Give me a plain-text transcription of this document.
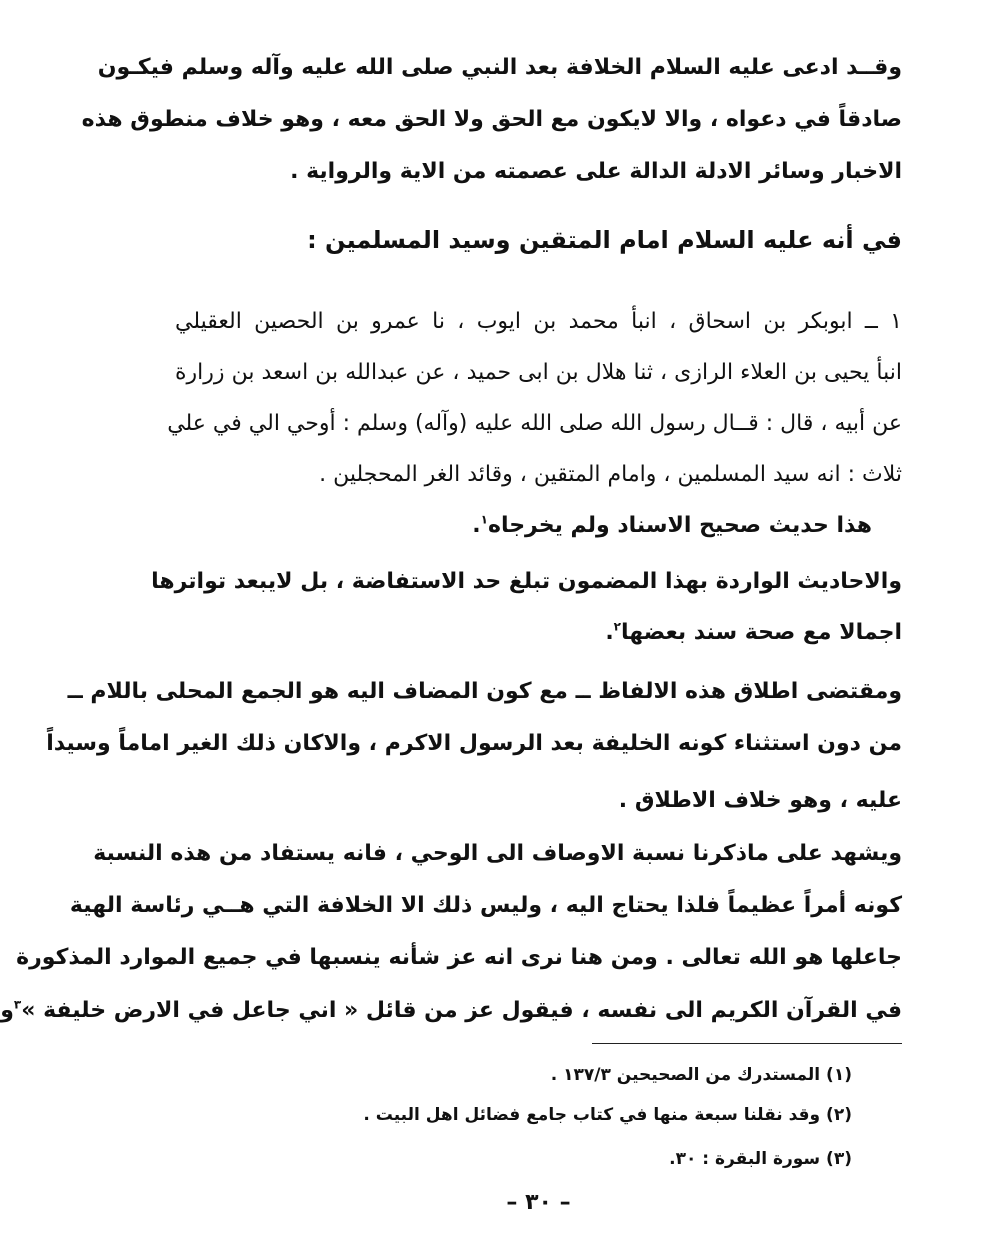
وقــد ادعى عليه السلام الخلافة بعد النبي صلى الله عليه وآله وسلم فيكـون
صادقاً في دعواه ، والا لايكون مع الحق ولا الحق معه ، وهو خلاف منطوق هذه
الاخبار وسائر الادلة الدالة على عصمته من الاية والرواية .
في أنه عليه السلام امام المتقين وسيد المسلمين :
١ ــ ابوبكر بن اسحاق ، انبأ محمد بن ايوب ، نا عمرو بن الحصين العقيلي
انبأ يحيى بن العلاء الرازى ، ثنا هلال بن ابى حميد ، عن عبدالله بن اسعد بن زرارة
عن أبيه ، قال : قــال رسول الله صلى الله عليه (وآله) وسلم : أوحي الي في علي
ثلاث : انه سيد المسلمين ، وامام المتقين ، وقائد الغر المحجلين .
هذا حديث صحيح الاسناد ولم يخرجاه$^١$.
والاحاديث الواردة بهذا المضمون تبلغ حد الاستفاضة ، بل لايبعد تواترها
اجمالا مع صحة سند بعضها$^٢$.
ومقتضى اطلاق هذه الالفاظ ــ مع كون المضاف اليه هو الجمع المحلى باللام ــ
من دون استثناء كونه الخليفة بعد الرسول الاكرم ، والاكان ذلك الغير اماماً وسيداً
عليه ، وهو خلاف الاطلاق .
ويشهد على ماذكرنا نسبة الاوصاف الى الوحي ، فانه يستفاد من هذه النسبة
كونه أمراً عظيماً فلذا يحتاج اليه ، وليس ذلك الا الخلافة التي هــي رئاسة الهية
جاعلها هو الله تعالى . ومن هنا نرى انه عز شأنه ينسبها في جميع الموارد المذكورة
في القرآن الكريم الى نفسه ، فيقول عز من قائل « اني جاعل في الارض خليفة »$^٣$و
(١) المستدرك من الصحيحين ١٣٧/٣ .
(٢) وقد نقلنا سبعة منها في كتاب جامع فضائل اهل البيت .
(٣) سورة البقرة : ٣٠.
– ٣٠ –
